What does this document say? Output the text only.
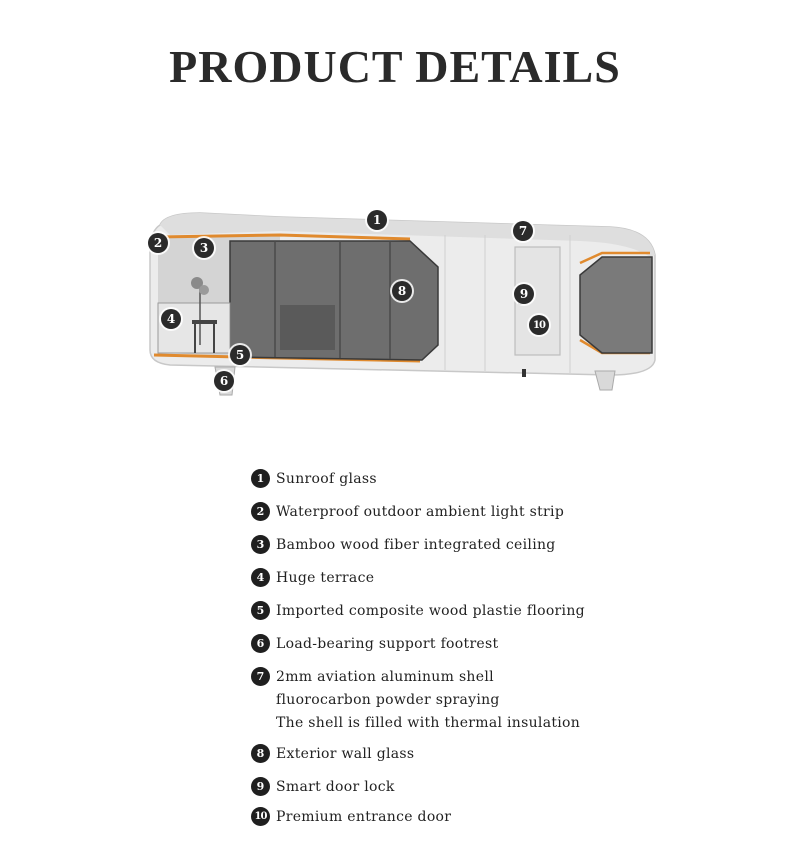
PRODUCT DETAILS
1
2	3
4
5
6
7
8	9
10
1 Sunroof glass
2 Waterproof outdoor ambient light strip
3 Bamboo wood fiber integrated ceiling
4 Huge terrace
5 Imported composite wood plastie flooring
6 Load-bearing support footrest
7 2mm aviation aluminum shell
fluorocarbon powder spraying
The shell is filled with thermal insulation
8 Exterior wall glass
9 Smart door lock
10 Premium entrance door
